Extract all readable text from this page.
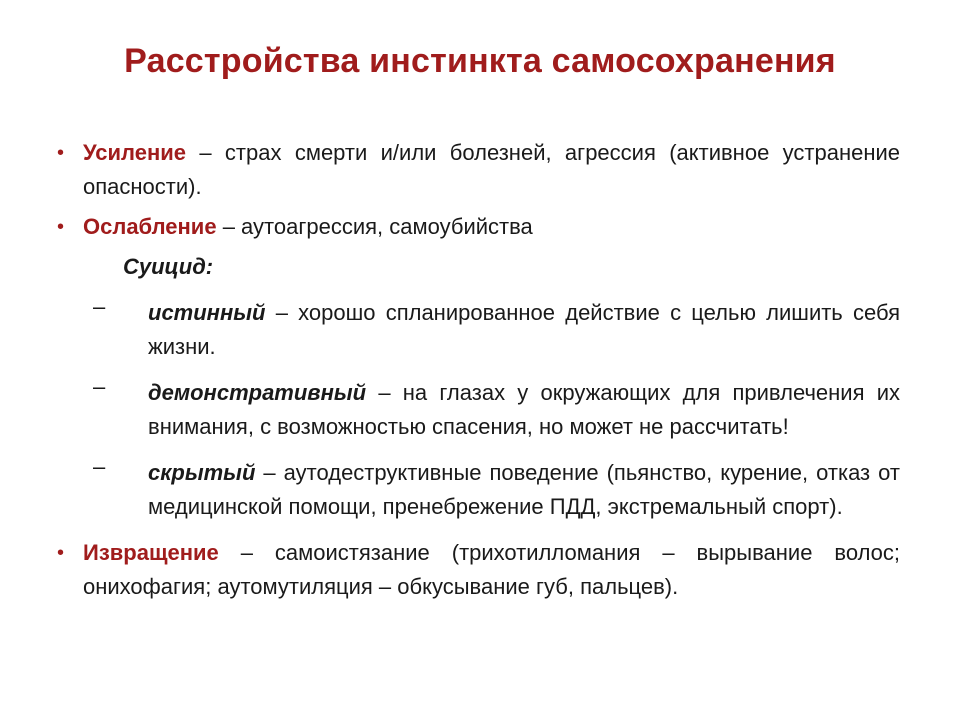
Расстройства инстинкта самосохранения
• Усиление – страх смерти и/или болезней, агрессия (активное устранение опасности).
• Ослабление – аутоагрессия, самоубийства
Суицид:
– истинный – хорошо спланированное действие с целью лишить себя жизни.
– демонстративный – на глазах у окружающих для привлечения их внимания, с возможностью спасения, но может не рассчитать!
– скрытый – аутодеструктивные поведение (пьянство, курение, отказ от медицинской помощи, пренебрежение ПДД, экстремальный спорт).
• Извращение – самоистязание (трихотилломания – вырывание волос; онихофагия; аутомутиляция – обкусывание губ, пальцев).
